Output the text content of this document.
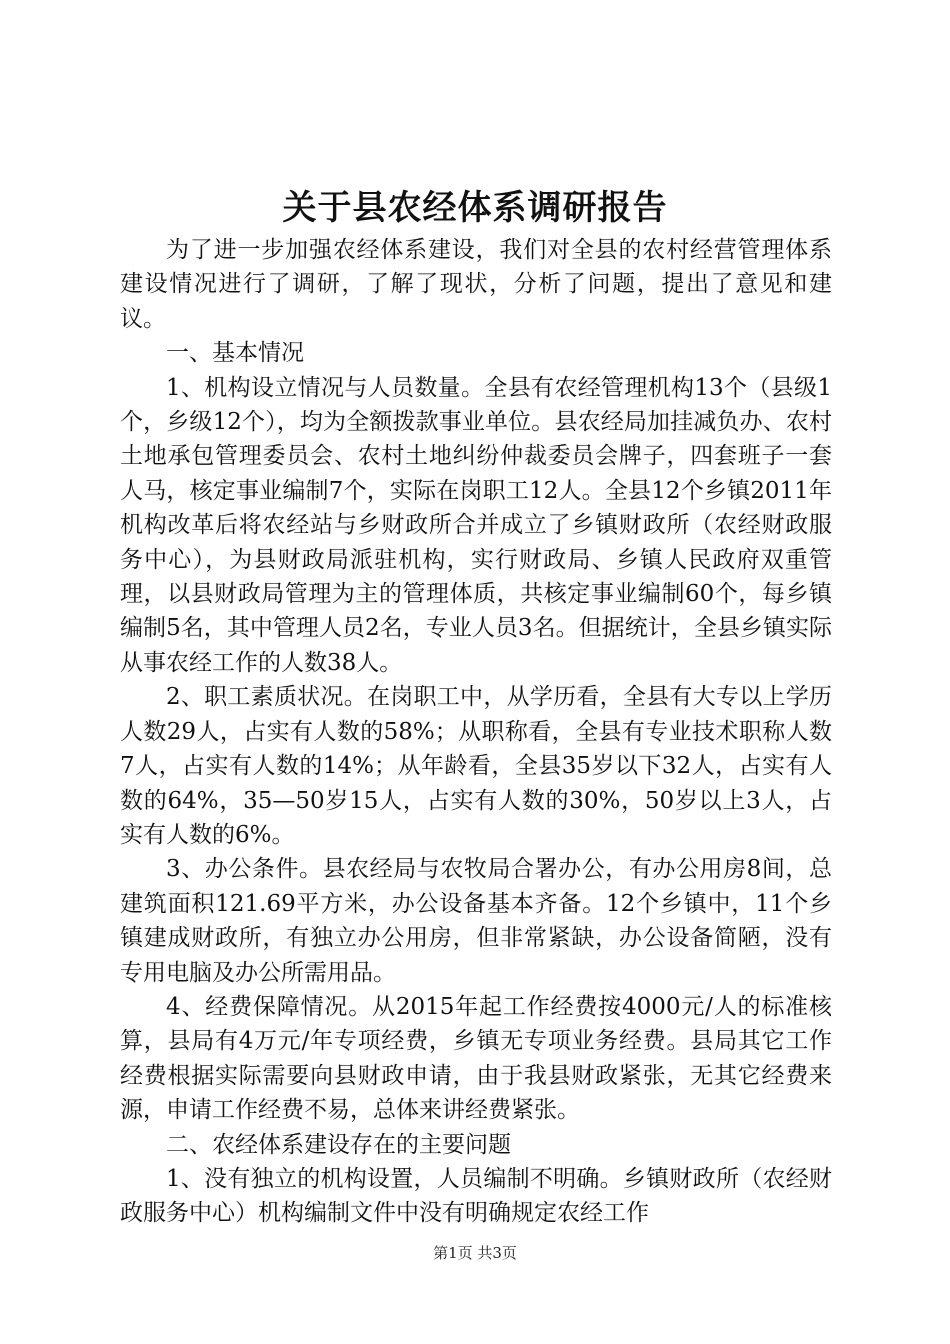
关于县农经体系调研报告

为了进一步加强农经体系建设，我们对全县的农村经营管理体系建设情况进行了调研，了解了现状，分析了问题，提出了意见和建议。

一、基本情况

1、机构设立情况与人员数量。全县有农经管理机构13个（县级1个，乡级12个），均为全额拨款事业单位。县农经局加挂减负办、农村土地承包管理委员会、农村土地纠纷仲裁委员会牌子，四套班子一套人马，核定事业编制7个，实际在岗职工12人。全县12个乡镇2011年机构改革后将农经站与乡财政所合并成立了乡镇财政所（农经财政服务中心），为县财政局派驻机构，实行财政局、乡镇人民政府双重管理，以县财政局管理为主的管理体质，共核定事业编制60个，每乡镇编制5名，其中管理人员2名，专业人员3名。但据统计，全县乡镇实际从事农经工作的人数38人。

2、职工素质状况。在岗职工中，从学历看，全县有大专以上学历人数29人，占实有人数的58%；从职称看，全县有专业技术职称人数7人，占实有人数的14%；从年龄看，全县35岁以下32人，占实有人数的64%，35—50岁15人，占实有人数的30%，50岁以上3人，占实有人数的6%。

3、办公条件。县农经局与农牧局合署办公，有办公用房8间，总建筑面积121.69平方米，办公设备基本齐备。12个乡镇中，11个乡镇建成财政所，有独立办公用房，但非常紧缺，办公设备简陋，没有专用电脑及办公所需用品。

4、经费保障情况。从2015年起工作经费按4000元/人的标准核算，县局有4万元/年专项经费，乡镇无专项业务经费。县局其它工作经费根据实际需要向县财政申请，由于我县财政紧张，无其它经费来源，申请工作经费不易，总体来讲经费紧张。

二、农经体系建设存在的主要问题

1、没有独立的机构设置，人员编制不明确。乡镇财政所（农经财政服务中心）机构编制文件中没有明确规定农经工作

第1页 共3页
